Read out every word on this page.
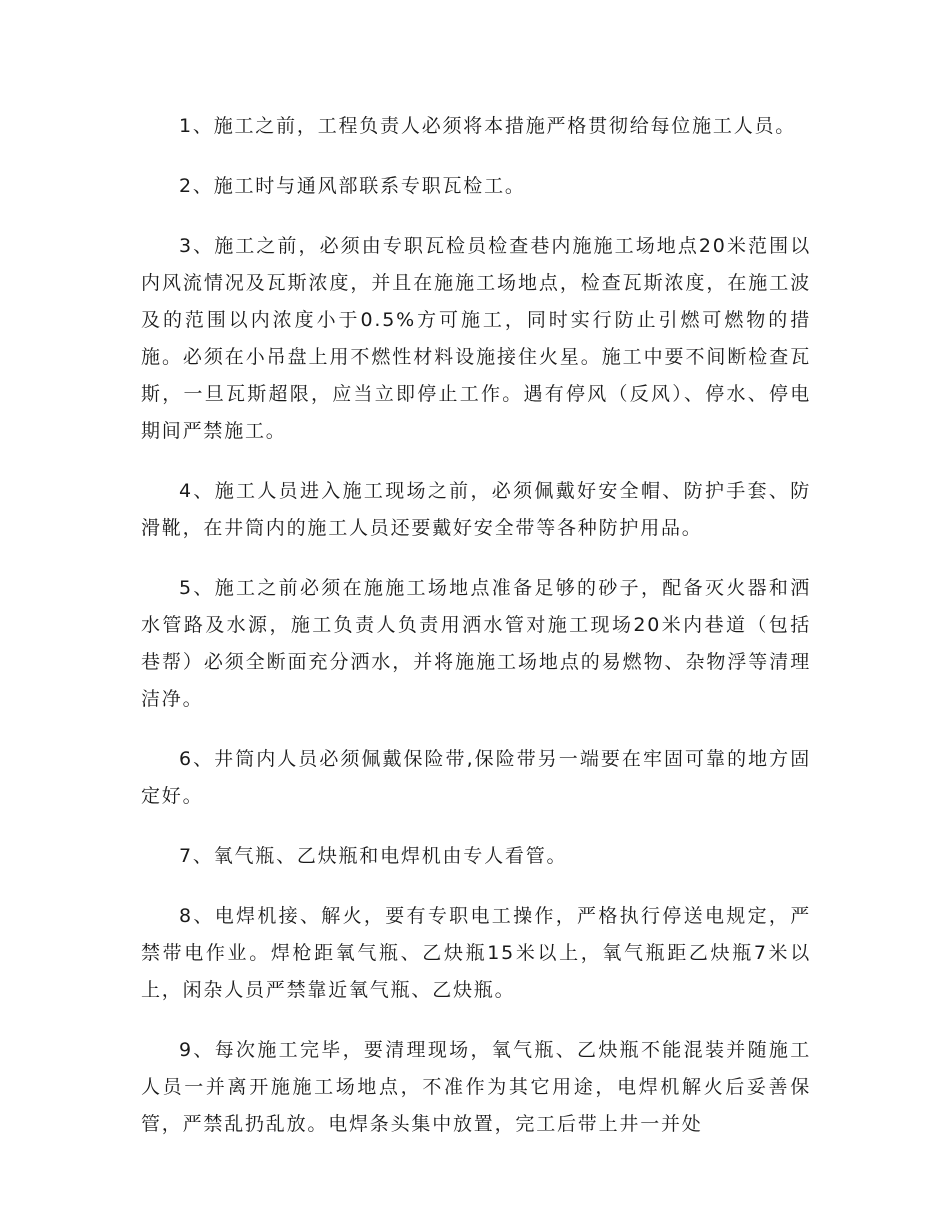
1、施工之前，工程负责人必须将本措施严格贯彻给每位施工人员。

2、施工时与通风部联系专职瓦检工。

3、施工之前，必须由专职瓦检员检查巷内施施工场地点20米范围以内风流情况及瓦斯浓度，并且在施施工场地点，检查瓦斯浓度，在施工波及的范围以内浓度小于0.5%方可施工，同时实行防止引燃可燃物的措施。必须在小吊盘上用不燃性材料设施接住火星。施工中要不间断检查瓦斯，一旦瓦斯超限，应当立即停止工作。遇有停风（反风）、停水、停电期间严禁施工。

4、施工人员进入施工现场之前，必须佩戴好安全帽、防护手套、防滑靴，在井筒内的施工人员还要戴好安全带等各种防护用品。

5、施工之前必须在施施工场地点准备足够的砂子，配备灭火器和洒水管路及水源，施工负责人负责用洒水管对施工现场20米内巷道（包括巷帮）必须全断面充分洒水，并将施施工场地点的易燃物、杂物浮等清理洁净。

6、井筒内人员必须佩戴保险带,保险带另一端要在牢固可靠的地方固定好。

7、氧气瓶、乙炔瓶和电焊机由专人看管。

8、电焊机接、解火，要有专职电工操作，严格执行停送电规定，严禁带电作业。焊枪距氧气瓶、乙炔瓶15米以上，氧气瓶距乙炔瓶7米以上，闲杂人员严禁靠近氧气瓶、乙炔瓶。

9、每次施工完毕，要清理现场，氧气瓶、乙炔瓶不能混装并随施工人员一并离开施施工场地点，不准作为其它用途，电焊机解火后妥善保管，严禁乱扔乱放。电焊条头集中放置，完工后带上井一并处
